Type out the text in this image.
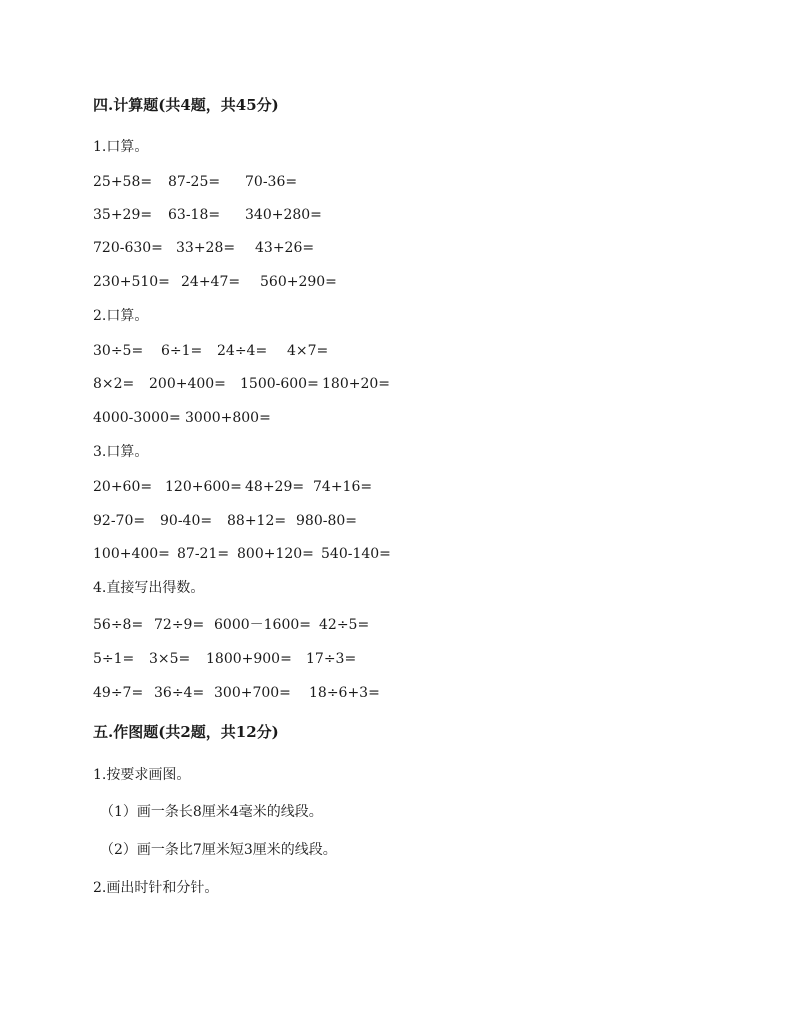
四.计算题(共4题，共45分)
1.口算。
25+58= 87-25= 70-36=
35+29= 63-18= 340+280=
720-630= 33+28= 43+26=
230+510= 24+47= 560+290=
2.口算。
30÷5= 6÷1= 24÷4= 4×7=
8×2= 200+400= 1500-600= 180+20=
4000-3000= 3000+800=
3.口算。
20+60= 120+600= 48+29= 74+16=
92-70= 90-40= 88+12= 980-80=
100+400= 87-21= 800+120= 540-140=
4.直接写出得数。
56÷8= 72÷9= 6000－1600= 42÷5=
5÷1= 3×5= 1800+900= 17÷3=
49÷7= 36÷4= 300+700= 18÷6+3=
五.作图题(共2题，共12分)
1.按要求画图。
（1）画一条长8厘米4毫米的线段。
（2）画一条比7厘米短3厘米的线段。
2.画出时针和分针。
